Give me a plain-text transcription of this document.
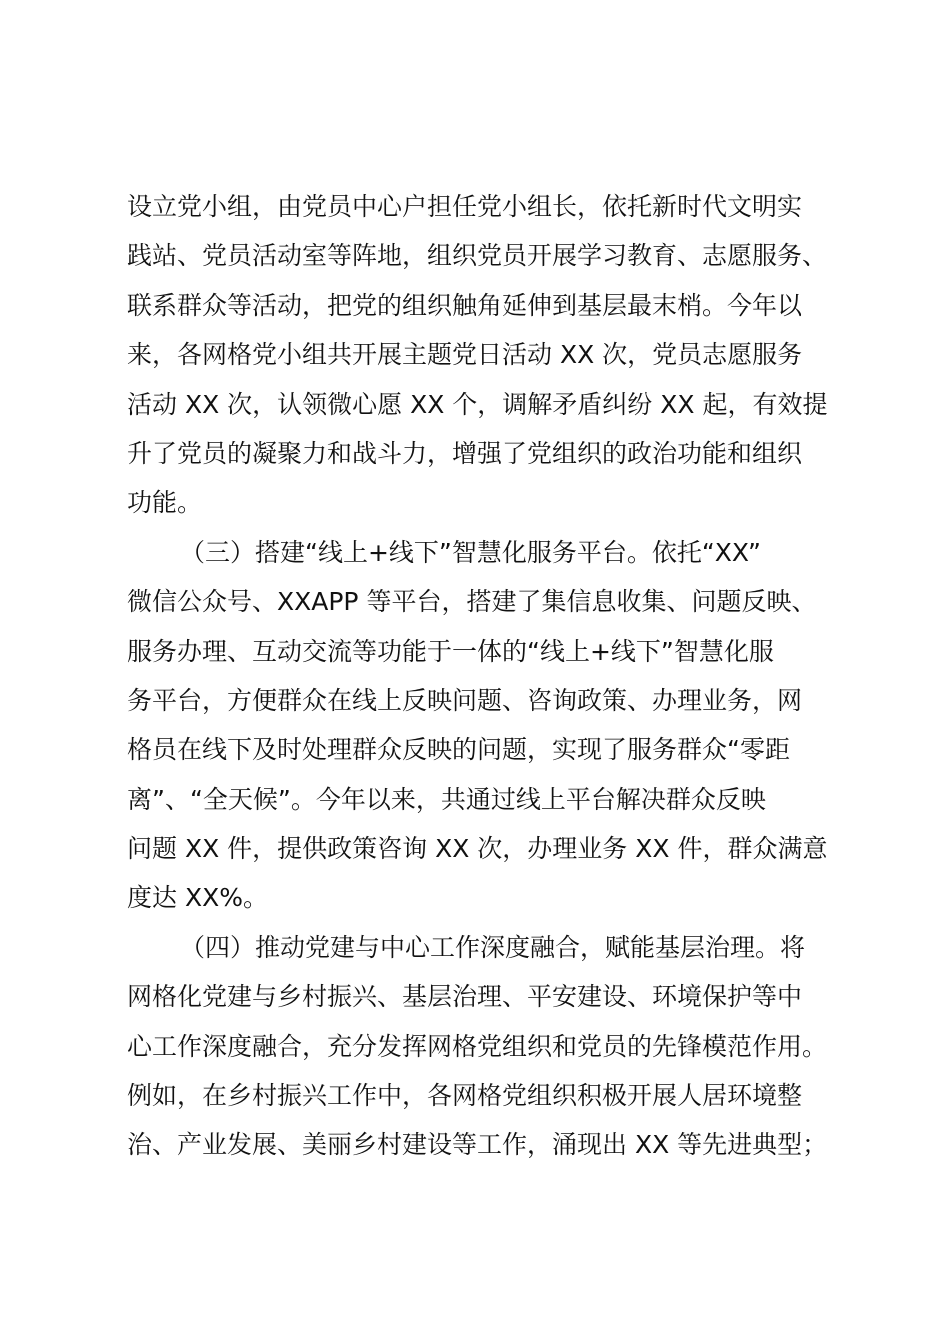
设立党小组，由党员中心户担任党小组长，依托新时代文明实
践站、党员活动室等阵地，组织党员开展学习教育、志愿服务、
联系群众等活动，把党的组织触角延伸到基层最末梢。今年以
来，各网格党小组共开展主题党日活动 XX 次，党员志愿服务
活动 XX 次，认领微心愿 XX 个，调解矛盾纠纷 XX 起，有效提
升了党员的凝聚力和战斗力，增强了党组织的政治功能和组织
功能。
（三）搭建“线上+线下”智慧化服务平台。依托“XX”
微信公众号、XXAPP 等平台，搭建了集信息收集、问题反映、
服务办理、互动交流等功能于一体的“线上+线下”智慧化服
务平台，方便群众在线上反映问题、咨询政策、办理业务，网
格员在线下及时处理群众反映的问题，实现了服务群众“零距
离”、“全天候”。今年以来，共通过线上平台解决群众反映
问题 XX 件，提供政策咨询 XX 次，办理业务 XX 件，群众满意
度达 XX%。
（四）推动党建与中心工作深度融合，赋能基层治理。将
网格化党建与乡村振兴、基层治理、平安建设、环境保护等中
心工作深度融合，充分发挥网格党组织和党员的先锋模范作用。
例如，在乡村振兴工作中，各网格党组织积极开展人居环境整
治、产业发展、美丽乡村建设等工作，涌现出 XX 等先进典型；
